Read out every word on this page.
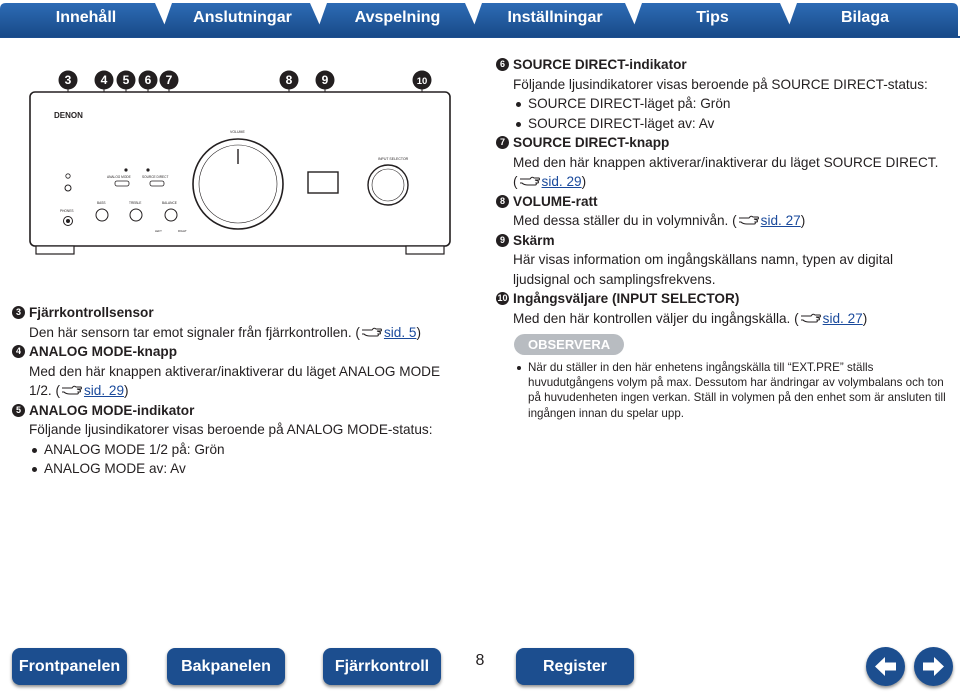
Innehåll	Anslutningar	Avspelning	Inställningar	Tips	Bilaga
3 4 5 6 7	8 9	10
DENON
VOLUME
INPUT SELECTOR
ANALOG MODE	SOURCE DIRECT
PHONES
BASS	TREBLE	BALANCE
LEFT	RIGHT
3 Fjärrkontrollsensor
Den här sensorn tar emot signaler från fjärrkontrollen. ( sid. 5)
4 ANALOG MODE-knapp
Med den här knappen aktiverar/inaktiverar du läget ANALOG MODE 1/2. ( sid. 29)
5 ANALOG MODE-indikator
Följande ljusindikatorer visas beroende på ANALOG MODE-status:
ANALOG MODE 1/2 på: Grön
ANALOG MODE av: Av
6 SOURCE DIRECT-indikator
Följande ljusindikatorer visas beroende på SOURCE DIRECT-status:
SOURCE DIRECT-läget på: Grön
SOURCE DIRECT-läget av: Av
7 SOURCE DIRECT-knapp
Med den här knappen aktiverar/inaktiverar du läget SOURCE DIRECT. ( sid. 29)
8 VOLUME-ratt
Med dessa ställer du in volymnivån. ( sid. 27)
9 Skärm
Här visas information om ingångskällans namn, typen av digital ljudsignal och samplingsfrekvens.
10 Ingångsväljare (INPUT SELECTOR)
Med den här kontrollen väljer du ingångskälla. ( sid. 27)
OBSERVERA
När du ställer in den här enhetens ingångskälla till “EXT.PRE” ställs huvudutgångens volym på max. Dessutom har ändringar av volymbalans och ton på huvudenheten ingen verkan. Ställ in volymen på den enhet som är ansluten till ingången innan du spelar upp.
Frontpanelen	Bakpanelen	Fjärrkontroll	8	Register
